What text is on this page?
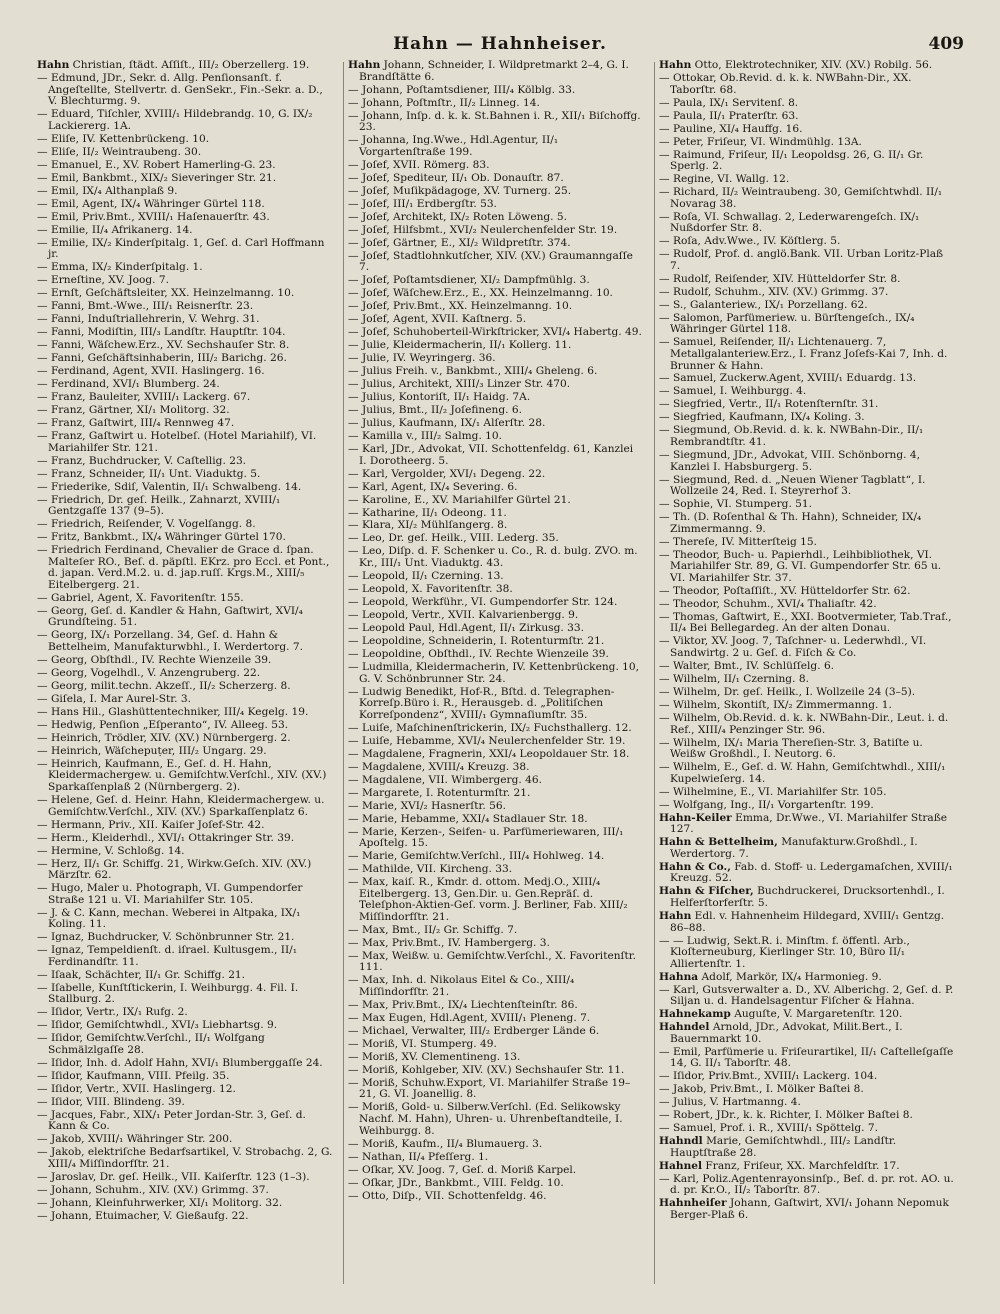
Hahn — Hahnheiser.	409

Hahn Christian, ſtädt. Aſſiſt., III/₂ Oberzellerg. 19.

— Edmund, JDr., Sekr. d. Allg. Penſionsanſt. f. Angeſtellte, Stellvertr. d. GenSekr., Fin.-Sekr. a. D., V. Blechturmg. 9.

— Eduard, Tiſchler, XVIII/₁ Hildebrandg. 10, G. IX/₂ Lackiererg. 1A.

— Eliſe, IV. Kettenbrückeng. 10.

— Eliſe, II/₂ Weintraubeng. 30.

— Emanuel, E., XV. Robert Hamerling-G. 23.

— Emil, Bankbmt., XIX/₂ Sieveringer Str. 21.

— Emil, IX/₄ Althanplaß 9.

— Emil, Agent, IX/₄ Währinger Gürtel 118.

— Emil, Priv.Bmt., XVIII/₁ Haſenauerſtr. 43.

— Emilie, II/₄ Afrikanerg. 14.

— Emilie, IX/₂ Kinderſpitalg. 1, Geſ. d. Carl Hoffmann jr.

— Emma, IX/₂ Kinderſpitalg. 1.

— Erneſtine, XV. Joog. 7.

— Ernſt, Geſchäftsleiter, XX. Heinzelmanng. 10.

— Fanni, Bmt.-Wwe., III/₁ Reisnerſtr. 23.

— Fanni, Induſtriallehrerin, V. Wehrg. 31.

— Fanni, Modiſtin, III/₃ Landſtr. Hauptſtr. 104.

— Fanni, Wäſchew.Erz., XV. Sechshauſer Str. 8.

— Fanni, Geſchäftsinhaberin, III/₂ Barichg. 26.

— Ferdinand, Agent, XVII. Haslingerg. 16.

— Ferdinand, XVI/₁ Blumberg. 24.

— Franz, Bauleiter, XVIII/₁ Lackerg. 67.

— Franz, Gärtner, XI/₁ Molitorg. 32.

— Franz, Gaſtwirt, III/₄ Rennweg 47.

— Franz, Gaſtwirt u. Hotelbeſ. (Hotel Mariahilf), VI. Mariahilfer Str. 121.

— Franz, Buchdrucker, V. Caſtellig. 23.

— Franz, Schneider, II/₁ Unt. Viaduktg. 5.

— Friederike, Sdiſ, Valentin, II/₁ Schwalbeng. 14.

— Friedrich, Dr. geſ. Heilk., Zahnarzt, XVIII/₁ Gentzgaſſe 137 (9–5).

— Friedrich, Reiſender, V. Vogelſangg. 8.

— Fritz, Bankbmt., IX/₄ Währinger Gürtel 170.

— Friedrich Ferdinand, Chevalier de Grace d. ſpan. Malteſer RO., Beſ. d. päpſtl. EKrz. pro Eccl. et Pont., d. japan. Verd.M.2. u. d. jap.ruſſ. Krgs.M., XIII/₅ Eitelbergerg. 21.

— Gabriel, Agent, X. Favoritenſtr. 155.

— Georg, Geſ. d. Kandler & Hahn, Gaſtwirt, XVI/₄ Grundſteing. 51.

— Georg, IX/₁ Porzellang. 34, Geſ. d. Hahn & Bettelheim, Manufakturwbhl., I. Werdertorg. 7.

— Georg, Obſthdl., IV. Rechte Wienzeile 39.

— Georg, Vogelhdl., V. Anzengruberg. 22.

— Georg, milit.techn. Akzeſſ., II/₂ Scherzerg. 8.

— Giſela, I. Mar Aurel-Str. 3.

— Hans Hil., Glashüttentechniker, III/₄ Kegelg. 19.

— Hedwig, Penſion „Eſperanto“, IV. Alleeg. 53.

— Heinrich, Trödler, XIV. (XV.) Nürnbergerg. 2.

— Heinrich, Wäſchepuṭer, III/₂ Ungarg. 29.

— Heinrich, Kaufmann, E., Geſ. d. H. Hahn, Kleidermachergew. u. Gemiſchtw.Verſchl., XIV. (XV.) Sparkaſſenplaß 2 (Nürnbergerg. 2).

— Helene, Geſ. d. Heinr. Hahn, Kleidermachergew. u. Gemiſchtw.Verſchl., XIV. (XV.) Sparkaſſenplatz 6.

— Hermann, Priv., XII. Kaiſer Joſef-Str. 42.

— Herm., Kleiderhdl., XVI/₁ Ottakringer Str. 39.

— Hermine, V. Schloßg. 14.

— Herz, II/₁ Gr. Schiffg. 21, Wirkw.Geſch. XIV. (XV.) Märzſtr. 62.

— Hugo, Maler u. Photograph, VI. Gumpendorfer Straße 121 u. VI. Mariahilfer Str. 105.

— J. & C. Kann, mechan. Weberei in Altpaka, IX/₁ Koling. 11.

— Ignaz, Buchdrucker, V. Schönbrunner Str. 21.

— Ignaz, Tempeldienſt. d. iſrael. Kultusgem., II/₁ Ferdinandſtr. 11.

— Iſaak, Schächter, II/₁ Gr. Schiffg. 21.

— Iſabelle, Kunſtſtickerin, I. Weihburgg. 4. Fil. I. Stallburg. 2.

— Iſidor, Vertr., IX/₁ Rufg. 2.

— Iſidor, Gemiſchtwhdl., XVI/₃ Liebhartsg. 9.

— Iſidor, Gemiſchtw.Verſchl., II/₁ Wolfgang Schmälzlgaſſe 28.

— Iſidor, Inh. d. Adolf Hahn, XVI/₁ Blumberggaſſe 24.

— Iſidor, Kaufmann, VIII. Pfeilg. 35.

— Iſidor, Vertr., XVII. Haslingerg. 12.

— Iſidor, VIII. Blindeng. 39.

— Jacques, Fabr., XIX/₁ Peter Jordan-Str. 3, Geſ. d. Kann & Co.

— Jakob, XVIII/₁ Währinger Str. 200.

— Jakob, elektriſche Bedarfsartikel, V. Strobachg. 2, G. XIII/₄ Miſſindorfſtr. 21.

— Jaroslav, Dr. geſ. Heilk., VII. Kaiſerſtr. 123 (1–3).

— Johann, Schuhm., XIV. (XV.) Grimmg. 37.

— Johann, Kleinfuhrwerker, XI/₁ Molitorg. 32.

— Johann, Etuimacher, V. Gießaufg. 22.

Hahn Johann, Schneider, I. Wildpretmarkt 2–4, G. I. Brandſtätte 6.

— Johann, Poſtamtsdiener, III/₄ Kölblg. 33.

— Johann, Poſtmſtr., II/₂ Linneg. 14.

— Johann, Inſp. d. k. k. St.Bahnen i. R., XII/₁ Biſchoffg. 23.

— Johanna, Ing.Wwe., Hdl.Agentur, II/₁ Vorgartenſtraße 199.

— Joſef, XVII. Römerg. 83.

— Joſef, Spediteur, II/₁ Ob. Donauſtr. 87.

— Joſef, Muſikpädagoge, XV. Turnerg. 25.

— Joſef, III/₁ Erdbergſtr. 53.

— Joſef, Architekt, IX/₂ Roten Löweng. 5.

— Joſef, Hilfsbmt., XVI/₂ Neulerchenfelder Str. 19.

— Joſef, Gärtner, E., XI/₂ Wildpretſtr. 374.

— Joſef, Stadtlohnkutſcher, XIV. (XV.) Graumanngaſſe 7.

— Joſef, Poſtamtsdiener, XI/₂ Dampfmühlg. 3.

— Joſef, Wäſchew.Erz., E., XX. Heinzelmanng. 10.

— Joſef, Priv.Bmt., XX. Heinzelmanng. 10.

— Joſef, Agent, XVII. Kaſtnerg. 5.

— Joſef, Schuhoberteil-Wirkſtricker, XVI/₄ Habertg. 49.

— Julie, Kleidermacherin, II/₁ Kollerg. 11.

— Julie, IV. Weyringerg. 36.

— Julius Freih. v., Bankbmt., XIII/₄ Gheleng. 6.

— Julius, Architekt, XIII/₃ Linzer Str. 470.

— Julius, Kontoriſt, II/₁ Haidg. 7A.

— Julius, Bmt., II/₂ Joſefineng. 6.

— Julius, Kaufmann, IX/₁ Alſerſtr. 28.

— Kamilla v., III/₂ Salmg. 10.

— Karl, JDr., Advokat, VII. Schottenfeldg. 61, Kanzlei I. Dorotheerg. 5.

— Karl, Vergolder, XVI/₁ Degeng. 22.

— Karl, Agent, IX/₄ Severing. 6.

— Karoline, E., XV. Mariahilfer Gürtel 21.

— Katharine, II/₁ Odeong. 11.

— Klara, XI/₂ Mühlſangerg. 8.

— Leo, Dr. geſ. Heilk., VIII. Lederg. 35.

— Leo, Diſp. d. F. Schenker u. Co., R. d. bulg. ZVO. m. Kr., III/₁ Unt. Viaduktg. 43.

— Leopold, II/₁ Czerning. 13.

— Leopold, X. Favoritenſtr. 38.

— Leopold, Werkführ., VI. Gumpendorfer Str. 124.

— Leopold, Vertr., XVII. Kalvarienbergg. 9.

— Leopold Paul, Hdl.Agent, II/₁ Zirkusg. 33.

— Leopoldine, Schneiderin, I. Rotenturmſtr. 21.

— Leopoldine, Obſthdl., IV. Rechte Wienzeile 39.

— Ludmilla, Kleidermacherin, IV. Kettenbrückeng. 10, G. V. Schönbrunner Str. 24.

— Ludwig Benedikt, Hof-R., Bſtd. d. Telegraphen-Korreſp.Büro i. R., Herausgeb. d. „Politiſchen Korreſpondenz“, XVIII/₁ Gymnaſiumſtr. 35.

— Luiſe, Maſchinenſtrickerin, IX/₂ Fuchsthallerg. 12.

— Luiſe, Hebamme, XVI/₄ Neulerchenfelder Str. 19.

— Magdalene, Fragnerin, XXI/₄ Leopoldauer Str. 18.

— Magdalene, XVIII/₄ Kreuzg. 38.

— Magdalene, VII. Wimbergerg. 46.

— Margarete, I. Rotenturmſtr. 21.

— Marie, XVI/₂ Hasnerſtr. 56.

— Marie, Hebamme, XXI/₄ Stadlauer Str. 18.

— Marie, Kerzen-, Seifen- u. Parfümeriewaren, III/₁ Apoſtelg. 15.

— Marie, Gemiſchtw.Verſchl., III/₄ Hohlweg. 14.

— Mathilde, VII. Kircheng. 33.

— Max, kaiſ. R., Kmdr. d. ottom. Medj.O., XIII/₄ Eitelbergerg. 13, Gen.Dir. u. Gen.Repräſ. d. Teleſphon-Aktien-Geſ. vorm. J. Berliner, Fab. XIII/₂ Miſſindorfſtr. 21.

— Max, Bmt., II/₂ Gr. Schiffg. 7.

— Max, Priv.Bmt., IV. Hambergerg. 3.

— Max, Weißw. u. Gemiſchtw.Verſchl., X. Favoritenſtr. 111.

— Max, Inh. d. Nikolaus Eitel & Co., XIII/₄ Miſſindorfſtr. 21.

— Max, Priv.Bmt., IX/₄ Liechtenſteinſtr. 86.

— Max Eugen, Hdl.Agent, XVIII/₁ Pleneng. 7.

— Michael, Verwalter, III/₂ Erdberger Lände 6.

— Moriß, VI. Stumperg. 49.

— Moriß, XV. Clementineng. 13.

— Moriß, Kohlgeber, XIV. (XV.) Sechshauſer Str. 11.

— Moriß, Schuhw.Export, VI. Mariahilfer Straße 19–21, G. VI. Joanellig. 8.

— Moriß, Gold- u. Silberw.Verſchl. (Ed. Selikowsky Nachf. M. Hahn), Uhren- u. Uhrenbeſtandteile, I. Weihburgg. 8.

— Moriß, Kaufm., II/₄ Blumauerg. 3.

— Nathan, II/₄ Pfeſſerg. 1.

— Oſkar, XV. Joog. 7, Geſ. d. Moriß Karpel.

— Oſkar, JDr., Bankbmt., VIII. Feldg. 10.

— Otto, Diſp., VII. Schottenfeldg. 46.

Hahn Otto, Elektrotechniker, XIV. (XV.) Robilg. 56.

— Ottokar, Ob.Revid. d. k. k. NWBahn-Dir., XX. Taborſtr. 68.

— Paula, IX/₁ Servitenſ. 8.

— Paula, II/₁ Praterſtr. 63.

— Pauline, XI/₄ Hauffg. 16.

— Peter, Friſeur, VI. Windmühlg. 13A.

— Raimund, Friſeur, II/₁ Leopoldsg. 26, G. II/₁ Gr. Sperlg. 2.

— Regine, VI. Wallg. 12.

— Richard, II/₂ Weintraubeng. 30, Gemiſchtwhdl. II/₁ Novarag 38.

— Roſa, VI. Schwallag. 2, Lederwarengeſch. IX/₁ Nußdorfer Str. 8.

— Roſa, Adv.Wwe., IV. Köſtlerg. 5.

— Rudolf, Prof. d. anglö.Bank. VII. Urban Loritz-Plaß 7.

— Rudolf, Reiſender, XIV. Hütteldorfer Str. 8.

— Rudolf, Schuhm., XIV. (XV.) Grimmg. 37.

— S., Galanteriew., IX/₁ Porzellang. 62.

— Salomon, Parfümeriew. u. Bürſtengeſch., IX/₄ Währinger Gürtel 118.

— Samuel, Reiſender, II/₁ Lichtenauerg. 7, Metallgalanteriew.Erz., I. Franz Joſefs-Kai 7, Inh. d. Brunner & Hahn.

— Samuel, Zuckerw.Agent, XVIII/₁ Eduardg. 13.

— Samuel, I. Weihburgg. 4.

— Siegfried, Vertr., II/₁ Rotenſternſtr. 31.

— Siegfried, Kaufmann, IX/₄ Koling. 3.

— Siegmund, Ob.Revid. d. k. k. NWBahn-Dir., II/₁ Rembrandtſtr. 41.

— Siegmund, JDr., Advokat, VIII. Schönborng. 4, Kanzlei I. Habsburgerg. 5.

— Siegmund, Red. d. „Neuen Wiener Tagblatt“, I. Wollzeile 24, Red. I. Steyrerhof 3.

— Sophie, VI. Stumperg. 51.

— Th. (D. Roſenthal & Th. Hahn), Schneider, IX/₄ Zimmermanng. 9.

— Thereſe, IV. Mitterſteig 15.

— Theodor, Buch- u. Papierhdl., Leihbibliothek, VI. Mariahilfer Str. 89, G. VI. Gumpendorfer Str. 65 u. VI. Mariahilfer Str. 37.

— Theodor, Poſtaſſiſt., XV. Hütteldorfer Str. 62.

— Theodor, Schuhm., XVI/₄ Thaliaſtr. 42.

— Thomas, Gaſtwirt, E., XXI. Bootvermieter, Tab.Traf., II/₄ Bei Bellegardeg. An der alten Donau.

— Viktor, XV. Joog. 7, Taſchner- u. Lederwhdl., VI. Sandwirtg. 2 u. Geſ. d. Fiſch & Co.

— Walter, Bmt., IV. Schlüſſelg. 6.

— Wilhelm, II/₁ Czerning. 8.

— Wilhelm, Dr. geſ. Heilk., I. Wollzeile 24 (3–5).

— Wilhelm, Skontiſt, IX/₂ Zimmermanng. 1.

— Wilhelm, Ob.Revid. d. k. k. NWBahn-Dir., Leut. i. d. Ref., XIII/₄ Penzinger Str. 96.

— Wilhelm, IX/₁ Maria Thereſien-Str. 3, Batiſte u. Weißw Großhdl., I. Neutorg. 6.

— Wilhelm, E., Geſ. d. W. Hahn, Gemiſchtwhdl., XIII/₁ Kupelwieſerg. 14.

— Wilhelmine, E., VI. Mariahilfer Str. 105.

— Wolfgang, Ing., II/₁ Vorgartenſtr. 199.

Hahn-Keiler Emma, Dr.Wwe., VI. Mariahilfer Straße 127.

Hahn & Bettelheim, Manufakturw.Großhdl., I. Werdertorg. 7.

Hahn & Co., Fab. d. Stoff- u. Ledergamaſchen, XVIII/₁ Kreuzg. 52.

Hahn & Fiſcher, Buchdruckerei, Drucksortenhdl., I. Helferſtorferſtr. 5.

Hahn Edl. v. Hahnenheim Hildegard, XVIII/₁ Gentzg. 86–88.

— — Ludwig, Sekt.R. i. Minſtm. f. öffentl. Arb., Kloſterneuburg, Kierlinger Str. 10, Büro II/₁ Alliertenſtr. 1.

Hahna Adolf, Markör, IX/₄ Harmonieg. 9.

— Karl, Gutsverwalter a. D., XV. Alberichg. 2, Geſ. d. P. Siljan u. d. Handelsagentur Fiſcher & Hahna.

Hahnekamp Auguſte, V. Margaretenſtr. 120.

Hahndel Arnold, JDr., Advokat, Milit.Bert., I. Bauernmarkt 10.

— Emil, Parfümerie u. Friſeurartikel, II/₁ Caſtelleſgaſſe 14, G. II/₁ Taborſtr. 48.

— Iſidor, Priv.Bmt., XVIII/₁ Lackerg. 104.

— Jakob, Priv.Bmt., I. Mölker Baſtei 8.

— Julius, V. Hartmanng. 4.

— Robert, JDr., k. k. Richter, I. Mölker Baſtei 8.

— Samuel, Prof. i. R., XVIII/₁ Spöttelg. 7.

Hahndl Marie, Gemiſchtwhdl., III/₂ Landſtr. Hauptſtraße 28.

Hahnel Franz, Friſeur, XX. Marchfeldſtr. 17.

— Karl, Poliz.Agentenrayonsinſp., Beſ. d. pr. rot. AO. u. d. pr. Kr.O., II/₂ Taborſtr. 87.

Hahnheiſer Johann, Gaſtwirt, XVI/₁ Johann Nepomuk Berger-Plaß 6.
